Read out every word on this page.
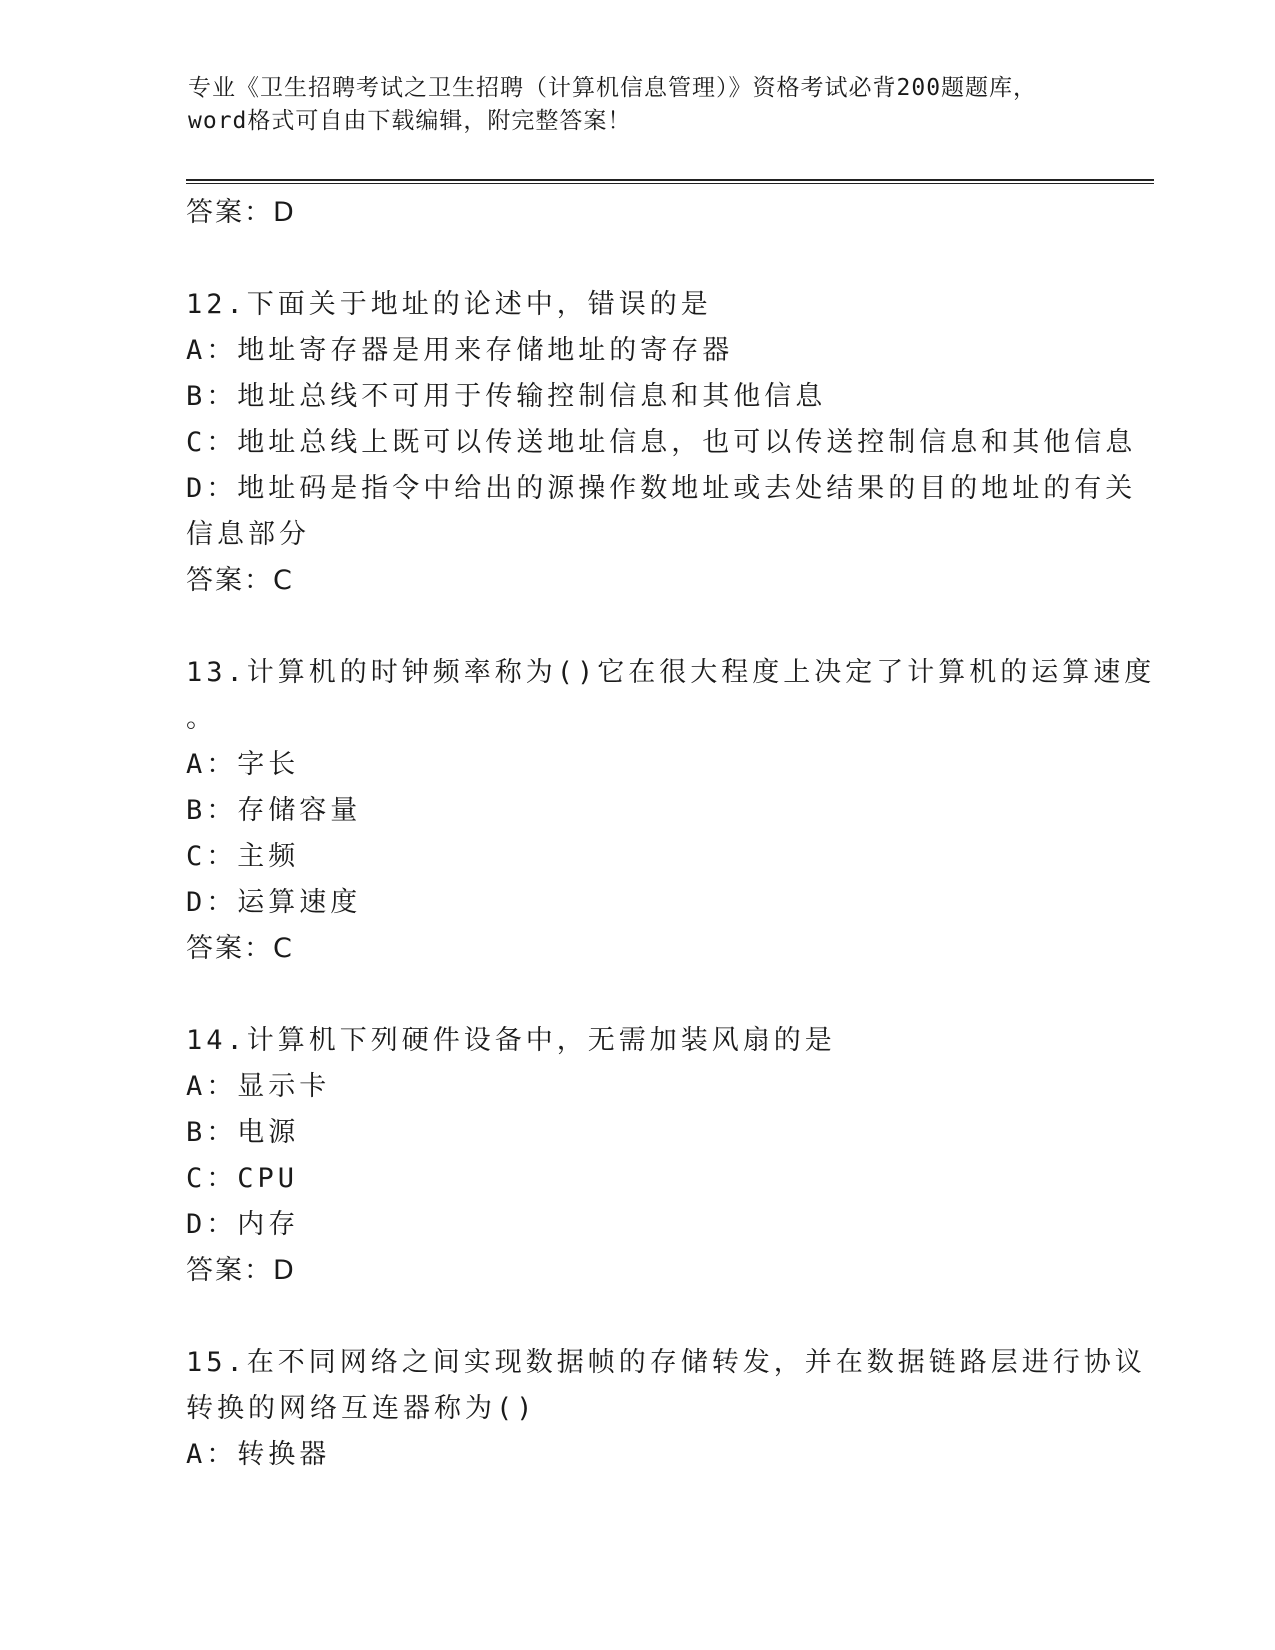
专业《卫生招聘考试之卫生招聘（计算机信息管理）》资格考试必背200题题库，
word格式可自由下载编辑，附完整答案！
答案：D
12.下面关于地址的论述中，错误的是
A：地址寄存器是用来存储地址的寄存器
B：地址总线不可用于传输控制信息和其他信息
C：地址总线上既可以传送地址信息，也可以传送控制信息和其他信息
D：地址码是指令中给出的源操作数地址或去处结果的目的地址的有关
信息部分
答案：C
13.计算机的时钟频率称为()它在很大程度上决定了计算机的运算速度
。
A：字长
B：存储容量
C：主频
D：运算速度
答案：C
14.计算机下列硬件设备中，无需加装风扇的是
A：显示卡
B：电源
C：CPU
D：内存
答案：D
15.在不同网络之间实现数据帧的存储转发，并在数据链路层进行协议
转换的网络互连器称为()
A：转换器
